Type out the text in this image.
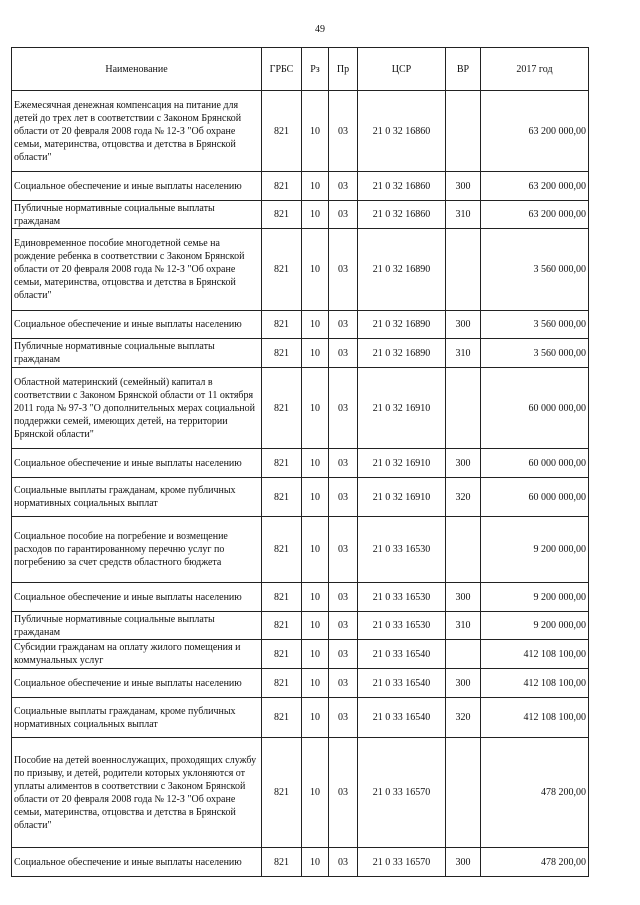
49
Наименование	ГРБС	Рз	Пр	ЦСР	ВР	2017 год
Ежемесячная денежная компенсация на питание для детей до трех лет в соответствии с Законом Брянской области от 20 февраля 2008 года № 12-З "Об охране семьи, материнства, отцовства и детства в Брянской области"	821	10	03	21 0 32 16860		63 200 000,00
Социальное обеспечение и иные выплаты населению	821	10	03	21 0 32 16860	300	63 200 000,00
Публичные нормативные социальные выплаты гражданам	821	10	03	21 0 32 16860	310	63 200 000,00
Единовременное пособие многодетной семье на рождение ребенка в соответствии с Законом Брянской области от 20 февраля 2008 года № 12-З "Об охране семьи, материнства, отцовства и детства в Брянской области"	821	10	03	21 0 32 16890		3 560 000,00
Социальное обеспечение и иные выплаты населению	821	10	03	21 0 32 16890	300	3 560 000,00
Публичные нормативные социальные выплаты гражданам	821	10	03	21 0 32 16890	310	3 560 000,00
Областной материнский (семейный) капитал в соответствии с Законом Брянской области от 11 октября 2011 года № 97-З "О дополнительных мерах социальной поддержки семей, имеющих детей, на территории Брянской области"	821	10	03	21 0 32 16910		60 000 000,00
Социальное обеспечение и иные выплаты населению	821	10	03	21 0 32 16910	300	60 000 000,00
Социальные выплаты гражданам, кроме публичных нормативных социальных выплат	821	10	03	21 0 32 16910	320	60 000 000,00
Социальное пособие на погребение и возмещение расходов по гарантированному перечню услуг по погребению за счет средств областного бюджета	821	10	03	21 0 33 16530		9 200 000,00
Социальное обеспечение и иные выплаты населению	821	10	03	21 0 33 16530	300	9 200 000,00
Публичные нормативные социальные выплаты гражданам	821	10	03	21 0 33 16530	310	9 200 000,00
Субсидии гражданам на оплату жилого помещения и коммунальных услуг	821	10	03	21 0 33 16540		412 108 100,00
Социальное обеспечение и иные выплаты населению	821	10	03	21 0 33 16540	300	412 108 100,00
Социальные выплаты гражданам, кроме публичных нормативных социальных выплат	821	10	03	21 0 33 16540	320	412 108 100,00
Пособие на детей военнослужащих, проходящих службу по призыву, и детей, родители которых уклоняются от уплаты алиментов в соответствии с Законом Брянской области от 20 февраля 2008 года № 12-З "Об охране семьи, материнства, отцовства и детства в Брянской области"	821	10	03	21 0 33 16570		478 200,00
Социальное обеспечение и иные выплаты населению	821	10	03	21 0 33 16570	300	478 200,00
